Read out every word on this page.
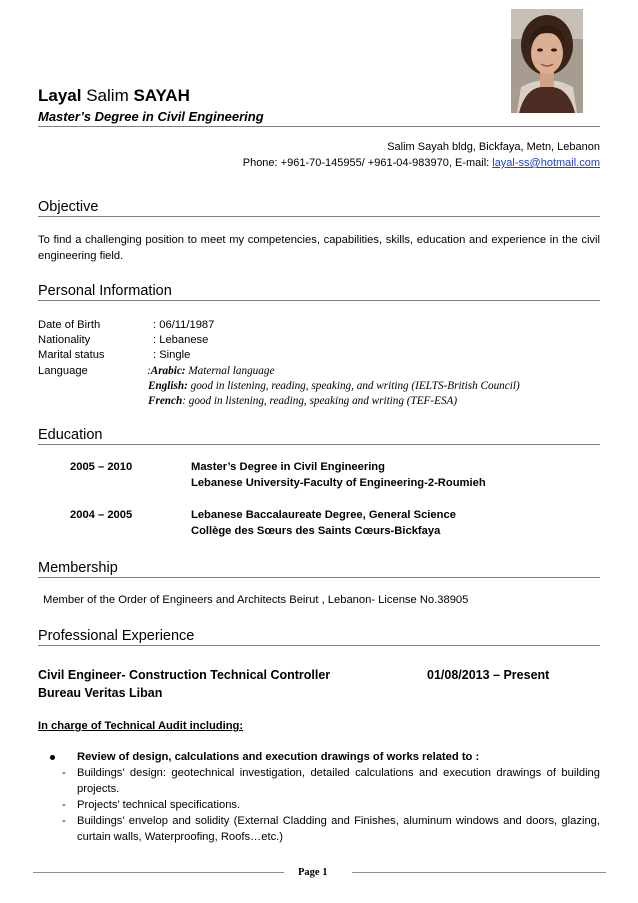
Layal Salim SAYAH
Master’s Degree in Civil Engineering
Salim Sayah bldg, Bickfaya, Metn, Lebanon
Phone: +961-70-145955/ +961-04-983970, E-mail: layal-ss@hotmail.com
Objective
To find a challenging position to meet my competencies, capabilities, skills, education and experience in the civil engineering field.
Personal Information
Date of Birth	: 06/11/1987
Nationality	: Lebanese
Marital status	: Single
Language	:Arabic: Maternal language
English: good in listening, reading, speaking, and writing (IELTS-British Council)
French: good in listening, reading, speaking and writing (TEF-ESA)
Education
2005 – 2010	Master’s Degree in Civil Engineering
Lebanese University-Faculty of Engineering-2-Roumieh
2004 – 2005	Lebanese Baccalaureate Degree, General Science
Collège des Sœurs des Saints Cœurs-Bickfaya
Membership
Member of the Order of Engineers and Architects Beirut , Lebanon- License No.38905
Professional Experience
Civil Engineer- Construction Technical Controller	01/08/2013 – Present
Bureau Veritas Liban
In charge of Technical Audit including:
Review of design, calculations and execution drawings of works related to :
- Buildings’ design: geotechnical investigation, detailed calculations and execution drawings of building projects.
- Projects’ technical specifications.
- Buildings’ envelop and solidity (External Cladding and Finishes, aluminum windows and doors, glazing, curtain walls, Waterproofing, Roofs…etc.)
Page 1
